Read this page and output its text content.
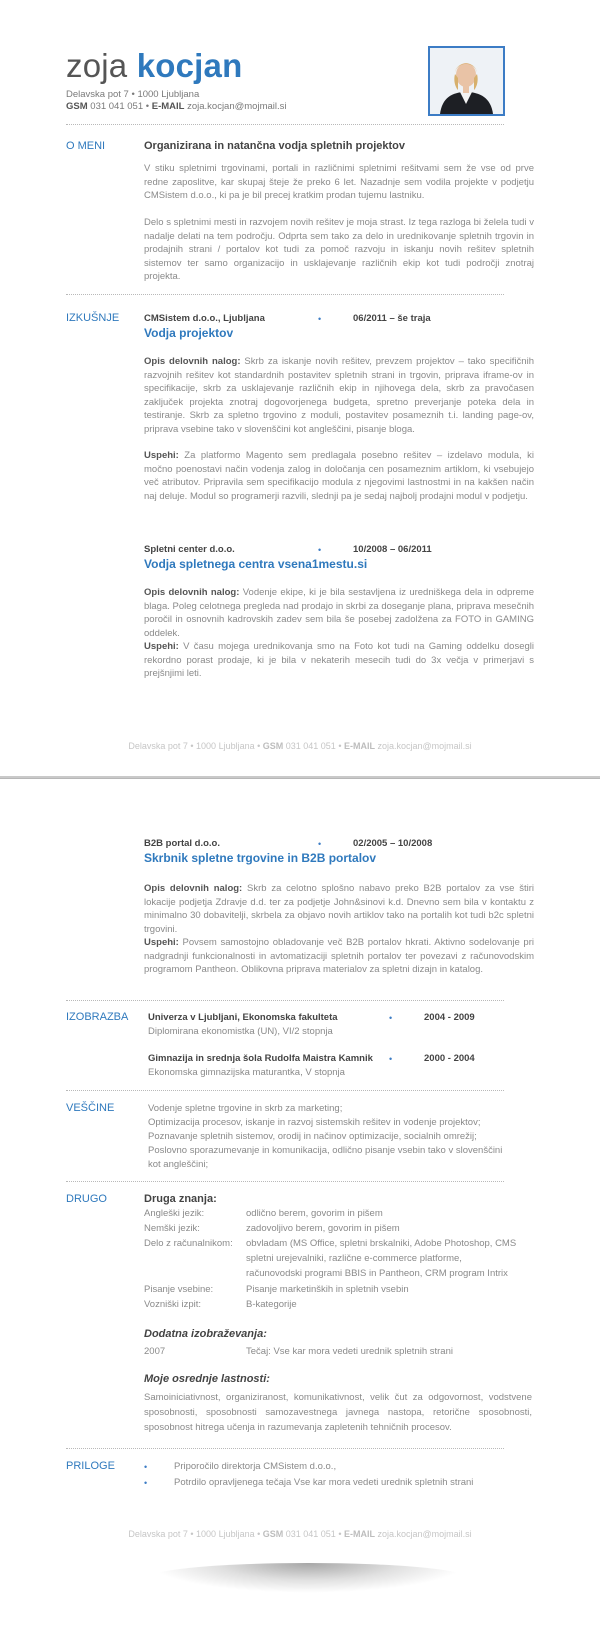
zoja kocjan
Delavska pot 7 • 1000 Ljubljana
GSM 031 041 051 • E-MAIL zoja.kocjan@mojmail.si
O MENI	Organizirana in natančna vodja spletnih projektov
V stiku spletnimi trgovinami, portali in različnimi spletnimi rešitvami sem že vse od prve redne zaposlitve, kar skupaj šteje že preko 6 let. Nazadnje sem vodila projekte v podjetju CMSistem d.o.o., ki pa je bil precej kratkim prodan tujemu lastniku.
Delo s spletnimi mesti in razvojem novih rešitev je moja strast. Iz tega razloga bi želela tudi v nadalje delati na tem področju. Odprta sem tako za delo in urednikovanje spletnih trgovin in prodajnih strani / portalov kot tudi za pomoč razvoju in iskanju novih rešitev spletnih sistemov ter samo organizacijo in usklajevanje različnih ekip kot tudi področji znotraj projekta.
IZKUŠNJE	CMSistem d.o.o., Ljubljana	•	06/2011 – še traja
Vodja projektov
Opis delovnih nalog: Skrb za iskanje novih rešitev, prevzem projektov – tako specifičnih razvojnih rešitev kot standardnih postavitev spletnih strani in trgovin, priprava iframe-ov in specifikacije, skrb za usklajevanje različnih ekip in njihovega dela, skrb za pravočasen zaključek projekta znotraj dogovorjenega budgeta, spretno preverjanje poteka dela in testiranje. Skrb za spletno trgovino z moduli, postavitev posameznih t.i. landing page-ov, priprava vsebine tako v slovenščini kot angleščini, pisanje bloga.
Uspehi: Za platformo Magento sem predlagala posebno rešitev – izdelavo modula, ki močno poenostavi način vodenja zalog in določanja cen posameznim artiklom, ki vsebujejo več atributov. Pripravila sem specifikacijo modula z njegovimi lastnostmi in na kakšen način naj deluje. Modul so programerji razvili, slednji pa je sedaj najbolj prodajni modul v podjetju.
Spletni center d.o.o.	•	10/2008 – 06/2011
Vodja spletnega centra vsena1mestu.si
Opis delovnih nalog: Vodenje ekipe, ki je bila sestavljena iz uredniškega dela in odpreme blaga. Poleg celotnega pregleda nad prodajo in skrbi za doseganje plana, priprava mesečnih poročil in osnovnih kadrovskih zadev sem bila še posebej zadolžena za FOTO in GAMING oddelek.
Uspehi: V času mojega urednikovanja smo na Foto kot tudi na Gaming oddelku dosegli rekordno porast prodaje, ki je bila v nekaterih mesecih tudi do 3x večja v primerjavi s prejšnjimi leti.
Delavska pot 7 • 1000 Ljubljana • GSM 031 041 051 • E-MAIL zoja.kocjan@mojmail.si
B2B portal d.o.o.	•	02/2005 – 10/2008
Skrbnik spletne trgovine in B2B portalov
Opis delovnih nalog: Skrb za celotno splošno nabavo preko B2B portalov za vse štiri lokacije podjetja Zdravje d.d. ter za podjetje John&sinovi k.d. Dnevno sem bila v kontaktu z minimalno 30 dobavitelji, skrbela za objavo novih artiklov tako na portalih kot tudi b2c spletni trgovini.
Uspehi: Povsem samostojno obladovanje več B2B portalov hkrati. Aktivno sodelovanje pri nadgradnji funkcionalnosti in avtomatizaciji spletnih portalov ter povezavi z računovodskim programom Pantheon. Oblikovna priprava materialov za spletni dizajn in katalog.
IZOBRAZBA Univerza v Ljubljani, Ekonomska fakulteta	•	2004 - 2009
Diplomirana ekonomistka (UN), VI/2 stopnja
Gimnazija in srednja šola Rudolfa Maistra Kamnik •	2000 - 2004
Ekonomska gimnazijska maturantka, V stopnja
VEŠČINE	Vodenje spletne trgovine in skrb za marketing;
Optimizacija procesov, iskanje in razvoj sistemskih rešitev in vodenje projektov;
Poznavanje spletnih sistemov, orodij in načinov optimizacije, socialnih omrežij;
Poslovno sporazumevanje in komunikacija, odlično pisanje vsebin tako v slovenščini
kot angleščini;
DRUGO	Druga znanja:
Angleški jezik:	odlično berem, govorim in pišem
Nemški jezik:	zadovoljivo berem, govorim in pišem
Delo z računalnikom: obvladam (MS Office, spletni brskalniki, Adobe Photoshop, CMS
spletni urejevalniki, različne e-commerce platforme,
računovodski programi BBIS in Pantheon, CRM program Intrix
Pisanje vsebine:	Pisanje marketinških in spletnih vsebin
Vozniški izpit:	B-kategorije
Dodatna izobraževanja:
2007	Tečaj: Vse kar mora vedeti urednik spletnih strani
Moje osrednje lastnosti:
Samoiniciativnost, organiziranost, komunikativnost, velik čut za odgovornost, vodstvene sposobnosti, sposobnosti samozavestnega javnega nastopa, retorične sposobnosti, sposobnost hitrega učenja in razumevanja zapletenih tehničnih procesov.
PRILOGE	•	Priporočilo direktorja CMSistem d.o.o.,
•	Potrdilo opravljenega tečaja Vse kar mora vedeti urednik spletnih strani
Delavska pot 7 • 1000 Ljubljana • GSM 031 041 051 • E-MAIL zoja.kocjan@mojmail.si
